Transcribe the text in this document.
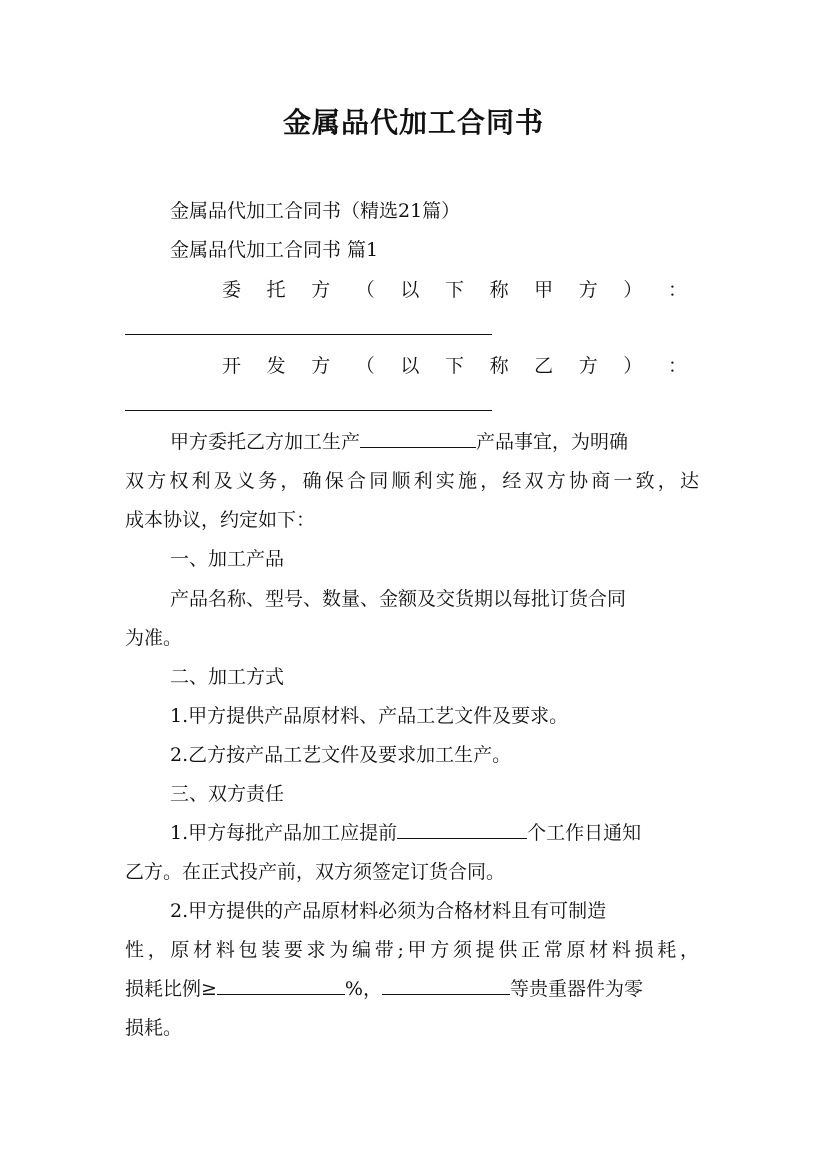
金属品代加工合同书
金属品代加工合同书（精选21篇）
金属品代加工合同书 篇1
委 托 方 （ 以 下 称 甲 方 ） ：
开 发 方 （ 以 下 称 乙 方 ） ：
甲方委托乙方加工生产	产品事宜，为明确
双方权利及义务，确保合同顺利实施，经双方协商一致，达
成本协议，约定如下：
一、加工产品
产品名称、型号、数量、金额及交货期以每批订货合同
为准。
二、加工方式
1.甲方提供产品原材料、产品工艺文件及要求。
2.乙方按产品工艺文件及要求加工生产。
三、双方责任
1.甲方每批产品加工应提前	个工作日通知
乙方。在正式投产前，双方须签定订货合同。
2.甲方提供的产品原材料必须为合格材料且有可制造
性，原材料包装要求为编带;甲方须提供正常原材料损耗，
损耗比例≥	%，	等贵重器件为零
损耗。
